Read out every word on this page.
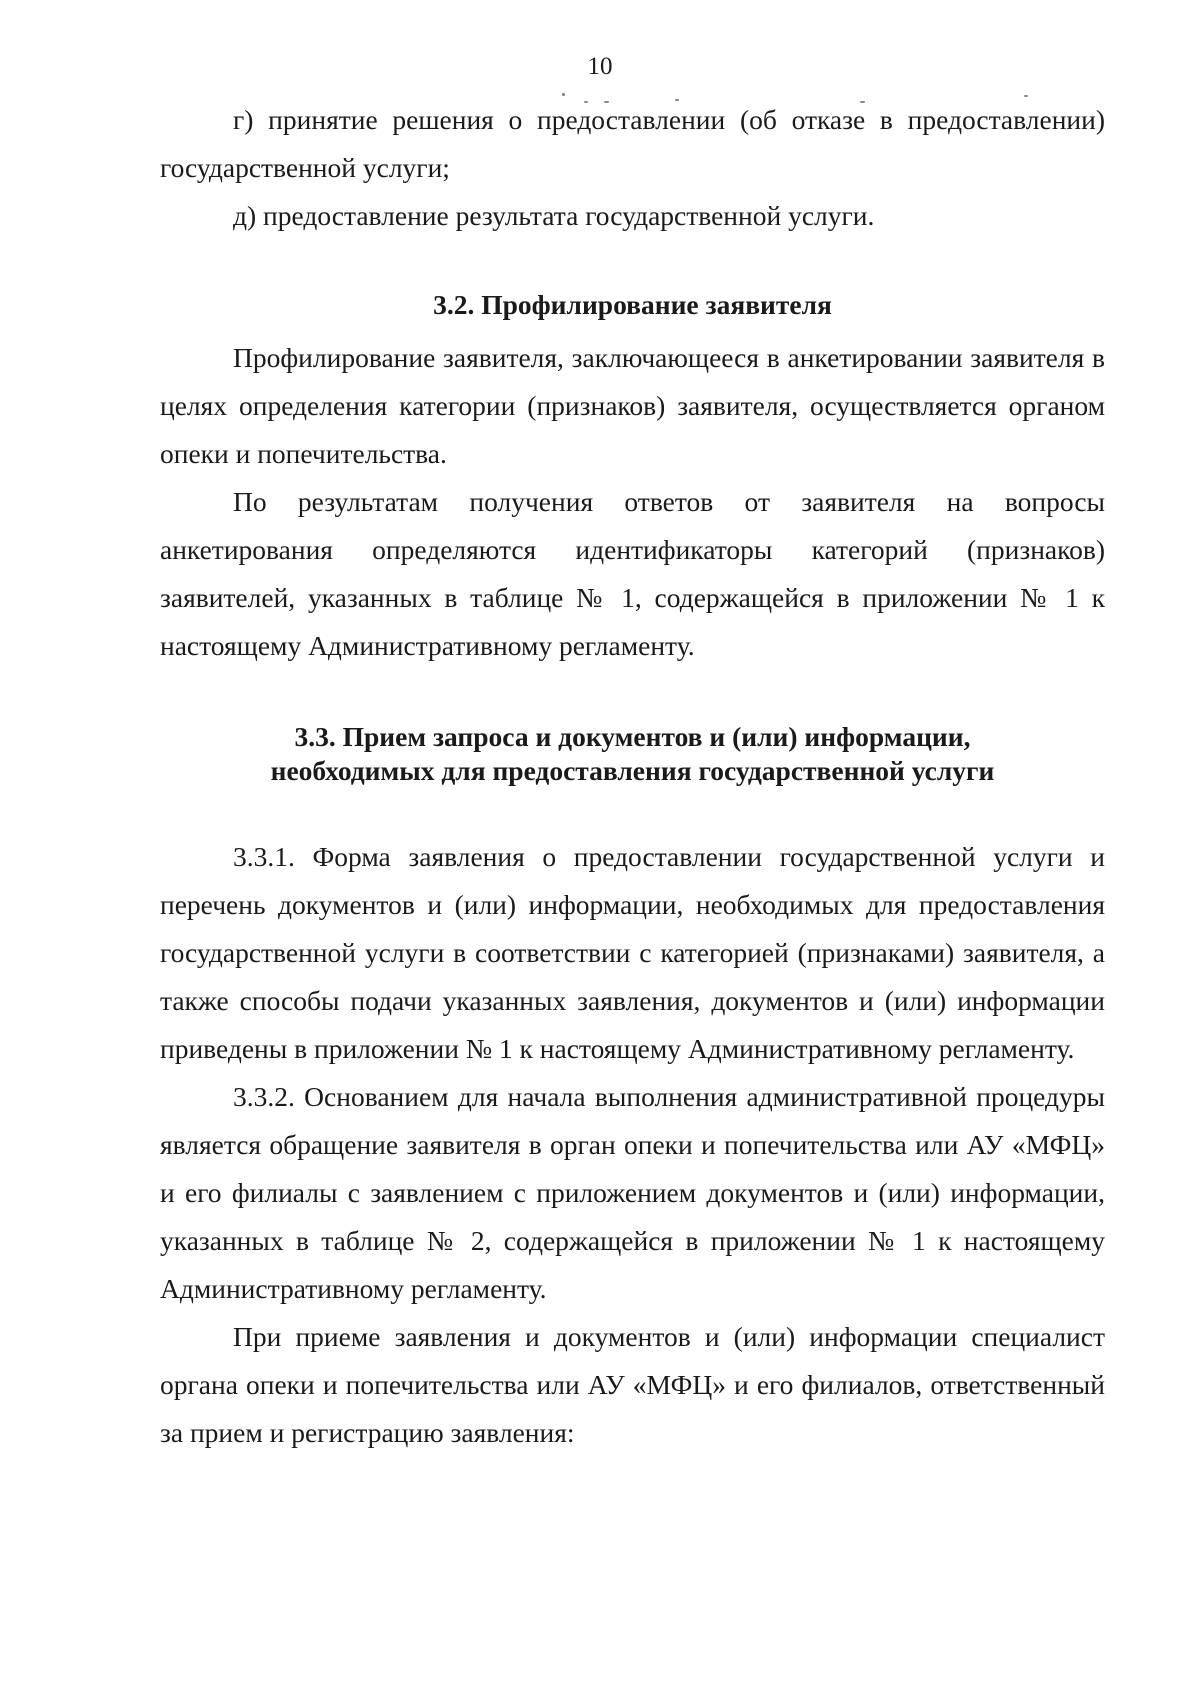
10

г) принятие решения о предоставлении (об отказе в предоставлении) государственной услуги;

д) предоставление результата государственной услуги.

3.2. Профилирование заявителя

Профилирование заявителя, заключающееся в анкетировании заявителя в целях определения категории (признаков) заявителя, осуществляется органом опеки и попечительства.

По результатам получения ответов от заявителя на вопросы анкетирования определяются идентификаторы категорий (признаков) заявителей, указанных в таблице № 1, содержащейся в приложении № 1 к настоящему Административному регламенту.

3.3. Прием запроса и документов и (или) информации,
необходимых для предоставления государственной услуги

3.3.1. Форма заявления о предоставлении государственной услуги и перечень документов и (или) информации, необходимых для предоставления государственной услуги в соответствии с категорией (признаками) заявителя, а также способы подачи указанных заявления, документов и (или) информации приведены в приложении № 1 к настоящему Административному регламенту.

3.3.2. Основанием для начала выполнения административной процедуры является обращение заявителя в орган опеки и попечительства или АУ «МФЦ» и его филиалы с заявлением с приложением документов и (или) информации, указанных в таблице № 2, содержащейся в приложении № 1 к настоящему Административному регламенту.

При приеме заявления и документов и (или) информации специалист органа опеки и попечительства или АУ «МФЦ» и его филиалов, ответственный за прием и регистрацию заявления:
